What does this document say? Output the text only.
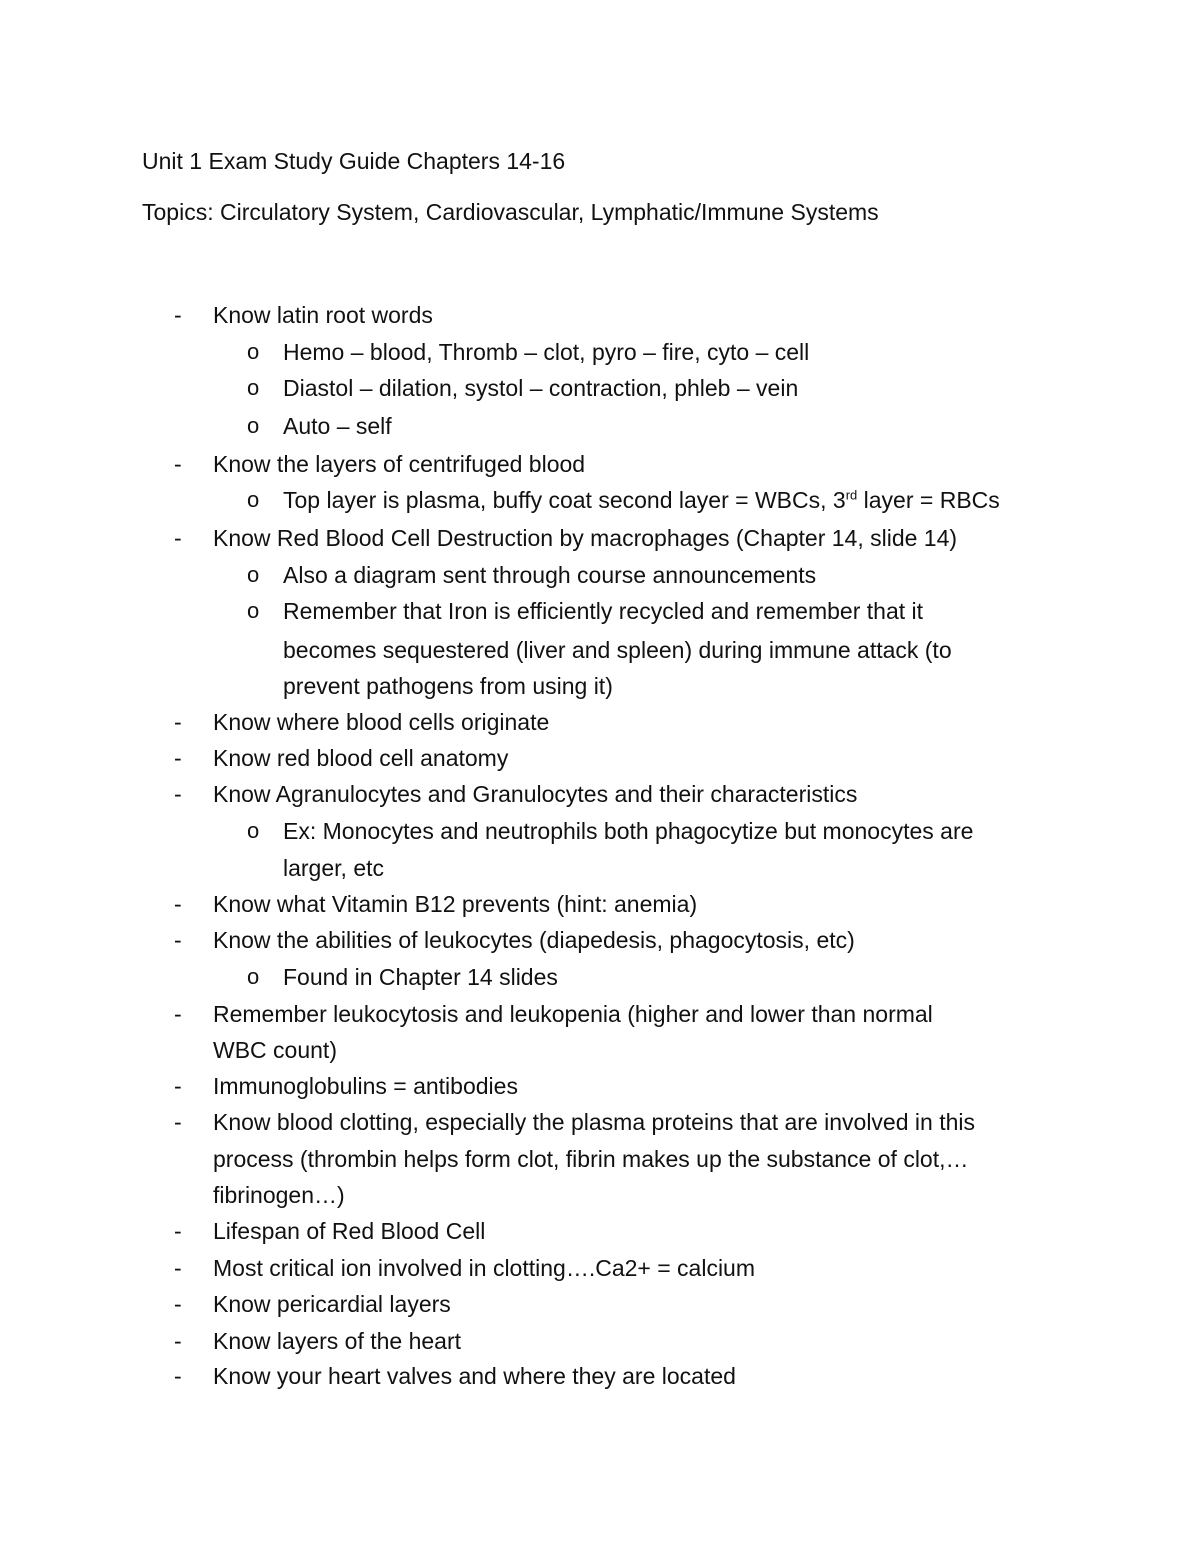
Unit 1 Exam Study Guide Chapters 14-16

Topics: Circulatory System, Cardiovascular, Lymphatic/Immune Systems

- Know latin root words
o Hemo – blood, Thromb – clot, pyro – fire, cyto – cell
o Diastol – dilation, systol – contraction, phleb – vein
o Auto – self
- Know the layers of centrifuged blood
o Top layer is plasma, buffy coat second layer = WBCs, 3rd layer = RBCs
- Know Red Blood Cell Destruction by macrophages (Chapter 14, slide 14)
o Also a diagram sent through course announcements
o Remember that Iron is efficiently recycled and remember that it
becomes sequestered (liver and spleen) during immune attack (to
prevent pathogens from using it)
- Know where blood cells originate
- Know red blood cell anatomy
- Know Agranulocytes and Granulocytes and their characteristics
o Ex: Monocytes and neutrophils both phagocytize but monocytes are
larger, etc
- Know what Vitamin B12 prevents (hint: anemia)
- Know the abilities of leukocytes (diapedesis, phagocytosis, etc)
o Found in Chapter 14 slides
- Remember leukocytosis and leukopenia (higher and lower than normal
WBC count)
- Immunoglobulins = antibodies
- Know blood clotting, especially the plasma proteins that are involved in this
process (thrombin helps form clot, fibrin makes up the substance of clot,…
fibrinogen…)
- Lifespan of Red Blood Cell
- Most critical ion involved in clotting….Ca2+ = calcium
- Know pericardial layers
- Know layers of the heart
- Know your heart valves and where they are located
